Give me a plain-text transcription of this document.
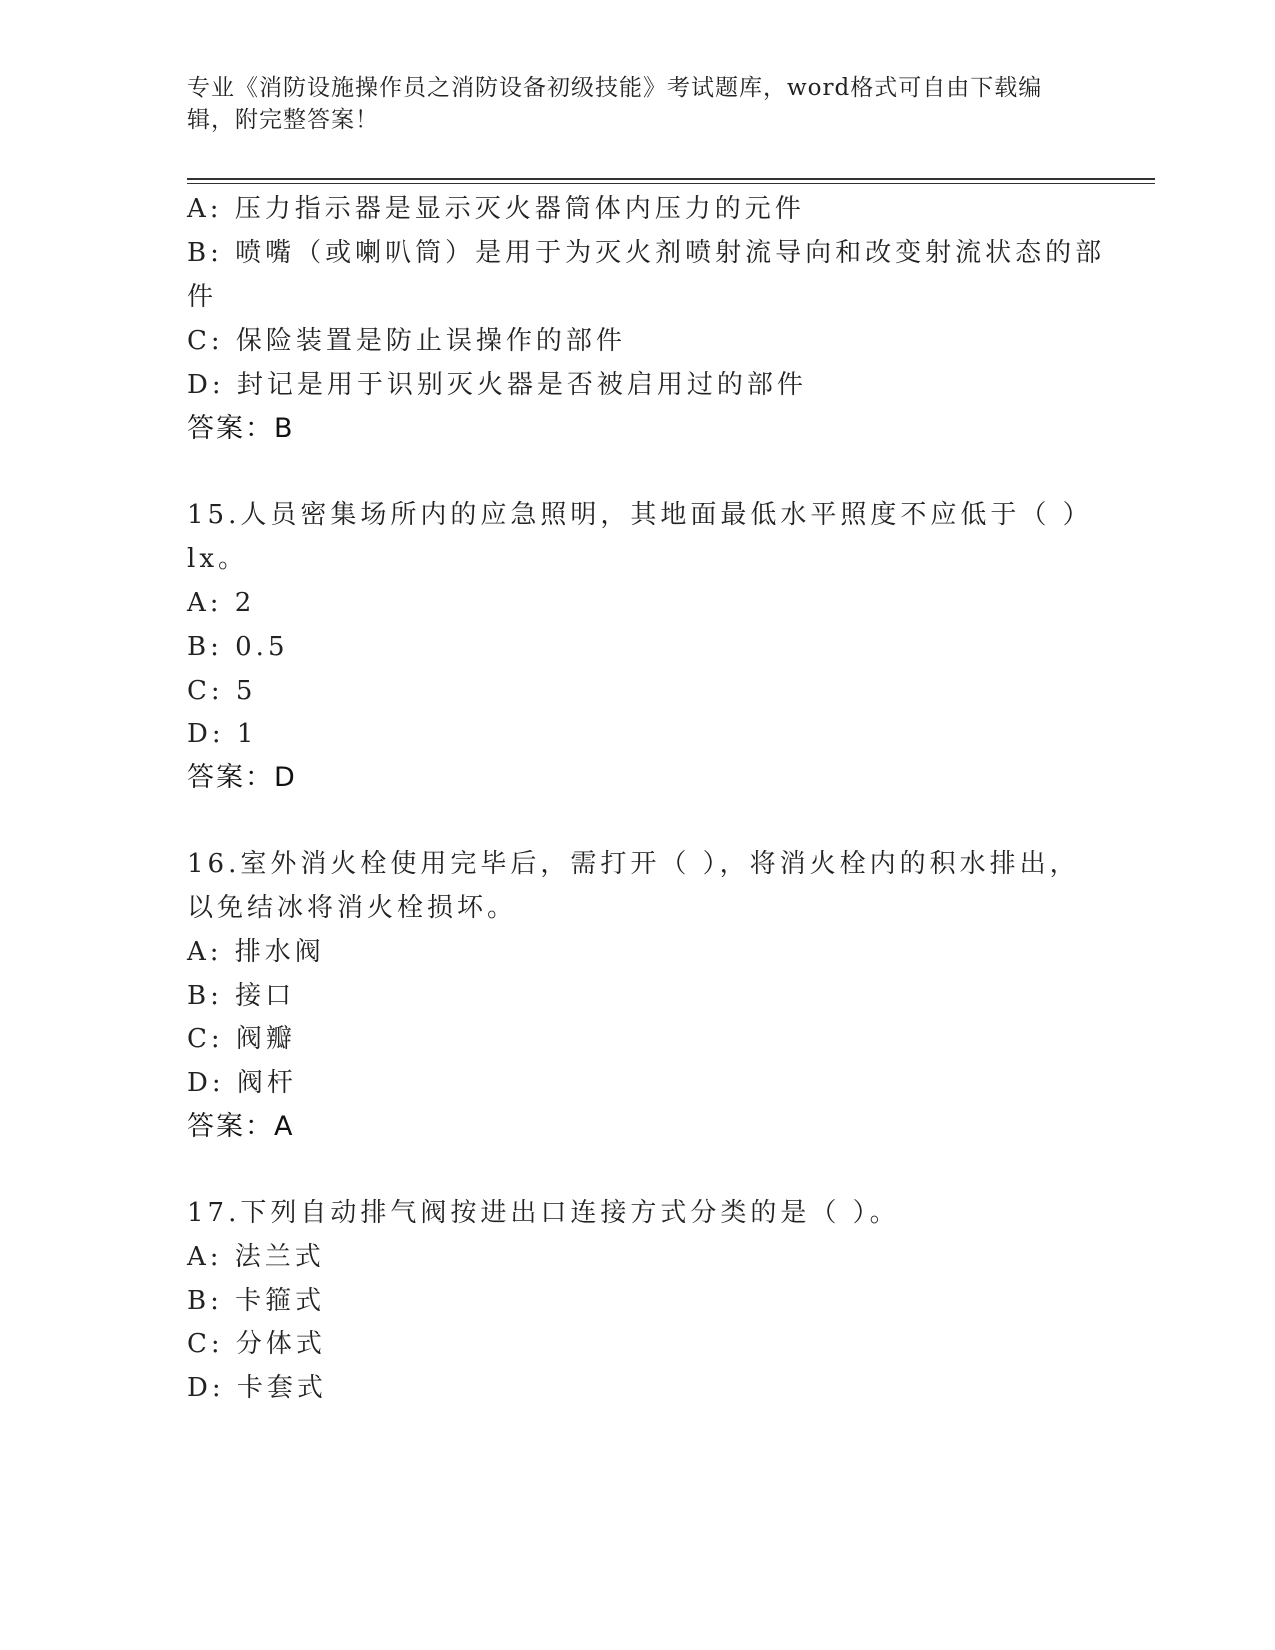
专业《消防设施操作员之消防设备初级技能》考试题库，word格式可自由下载编
辑，附完整答案！
A: 压力指示器是显示灭火器筒体内压力的元件
B: 喷嘴（或喇叭筒）是用于为灭火剂喷射流导向和改变射流状态的部
件
C: 保险装置是防止误操作的部件
D: 封记是用于识别灭火器是否被启用过的部件
答案：B
15.人员密集场所内的应急照明，其地面最低水平照度不应低于（ ）
lx。
A: 2
B: 0.5
C: 5
D: 1
答案：D
16.室外消火栓使用完毕后，需打开（ ），将消火栓内的积水排出，
以免结冰将消火栓损坏。
A: 排水阀
B: 接口
C: 阀瓣
D: 阀杆
答案：A
17.下列自动排气阀按进出口连接方式分类的是（ ）。
A: 法兰式
B: 卡箍式
C: 分体式
D: 卡套式
